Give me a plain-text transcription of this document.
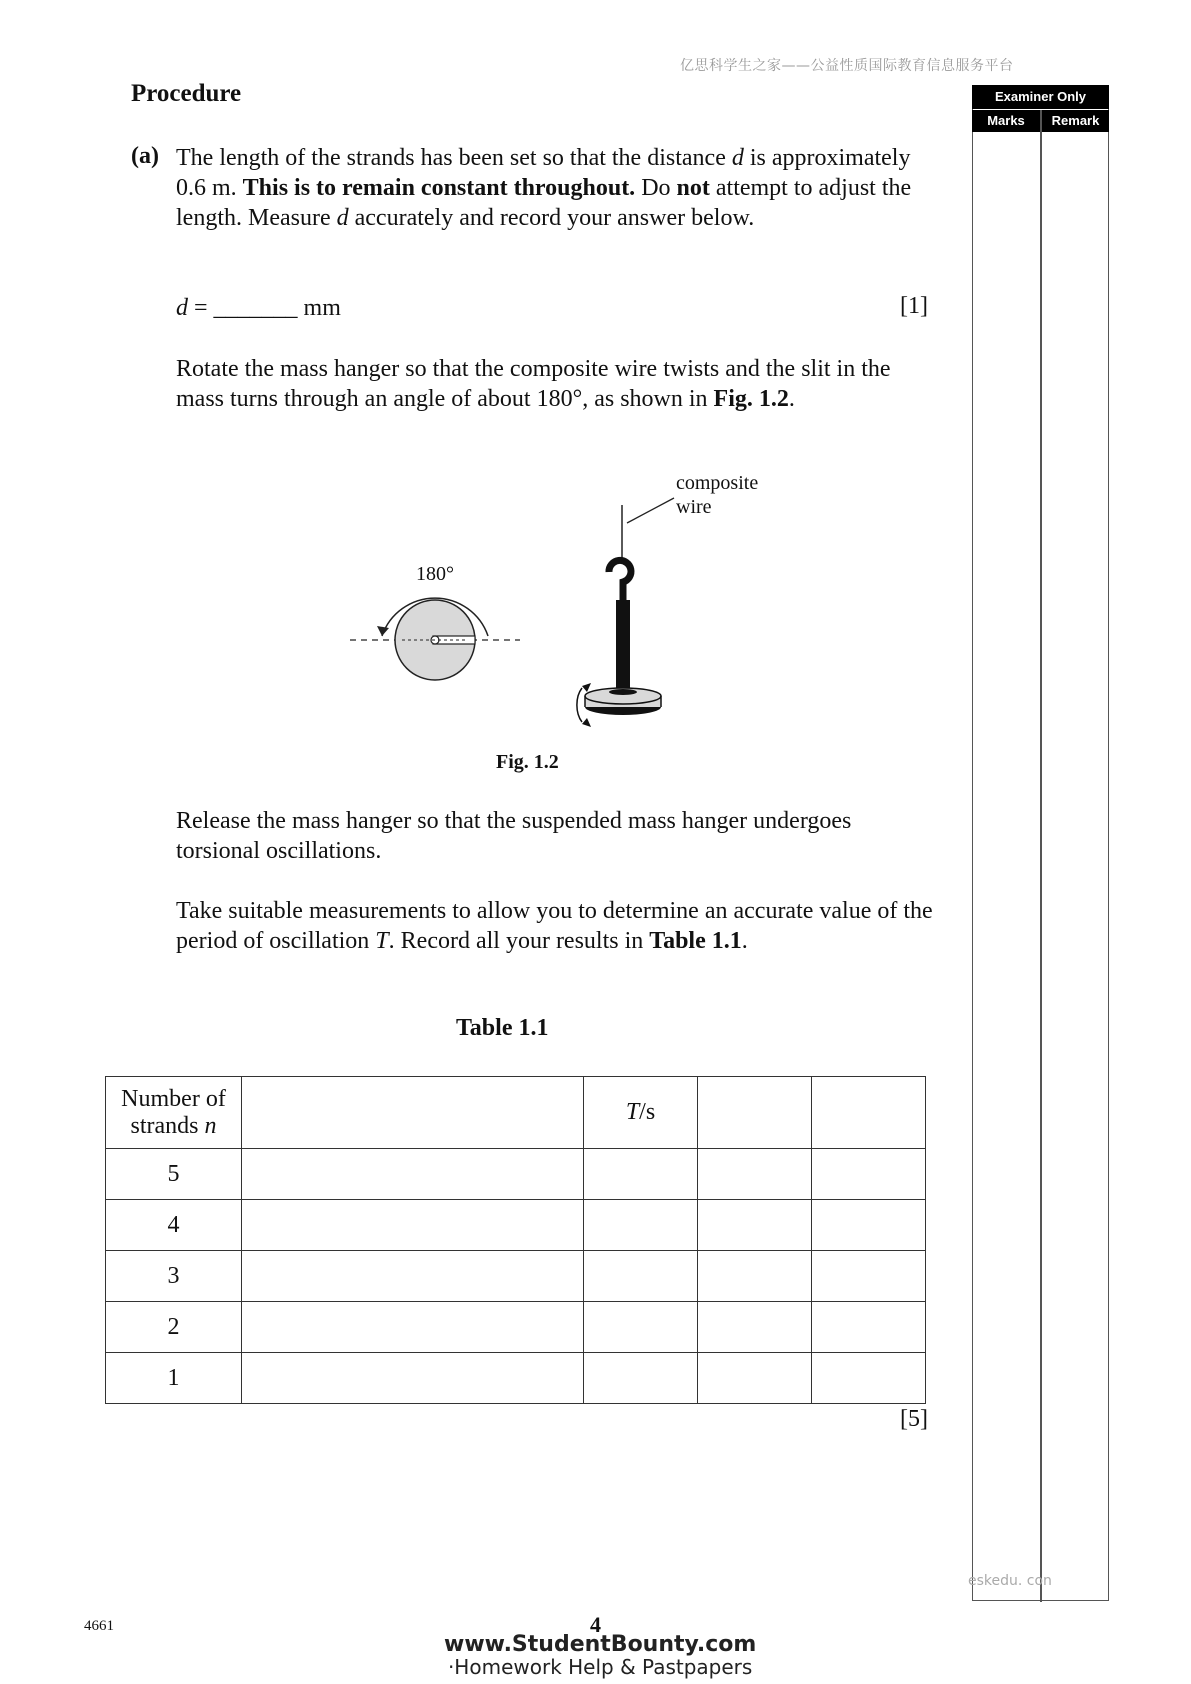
亿思科学生之家——公益性质国际教育信息服务平台
Procedure
(a) The length of the strands has been set so that the distance d is approximately 0.6 m. This is to remain constant throughout. Do not attempt to adjust the length. Measure d accurately and record your answer below.
d = _______ mm	[1]
Rotate the mass hanger so that the composite wire twists and the slit in the mass turns through an angle of about 180°, as shown in Fig. 1.2.
180°
composite
wire
Fig. 1.2
Release the mass hanger so that the suspended mass hanger undergoes torsional oscillations.
Take suitable measurements to allow you to determine an accurate value of the period of oscillation T. Record all your results in Table 1.1.
Table 1.1
Number of
strands n		T/s		
5				
4				
3				
2				
1				
[5]
Examiner Only
Marks	Remark
eskedu. con
4661	4
www.StudentBounty.com
·Homework Help & Pastpapers
